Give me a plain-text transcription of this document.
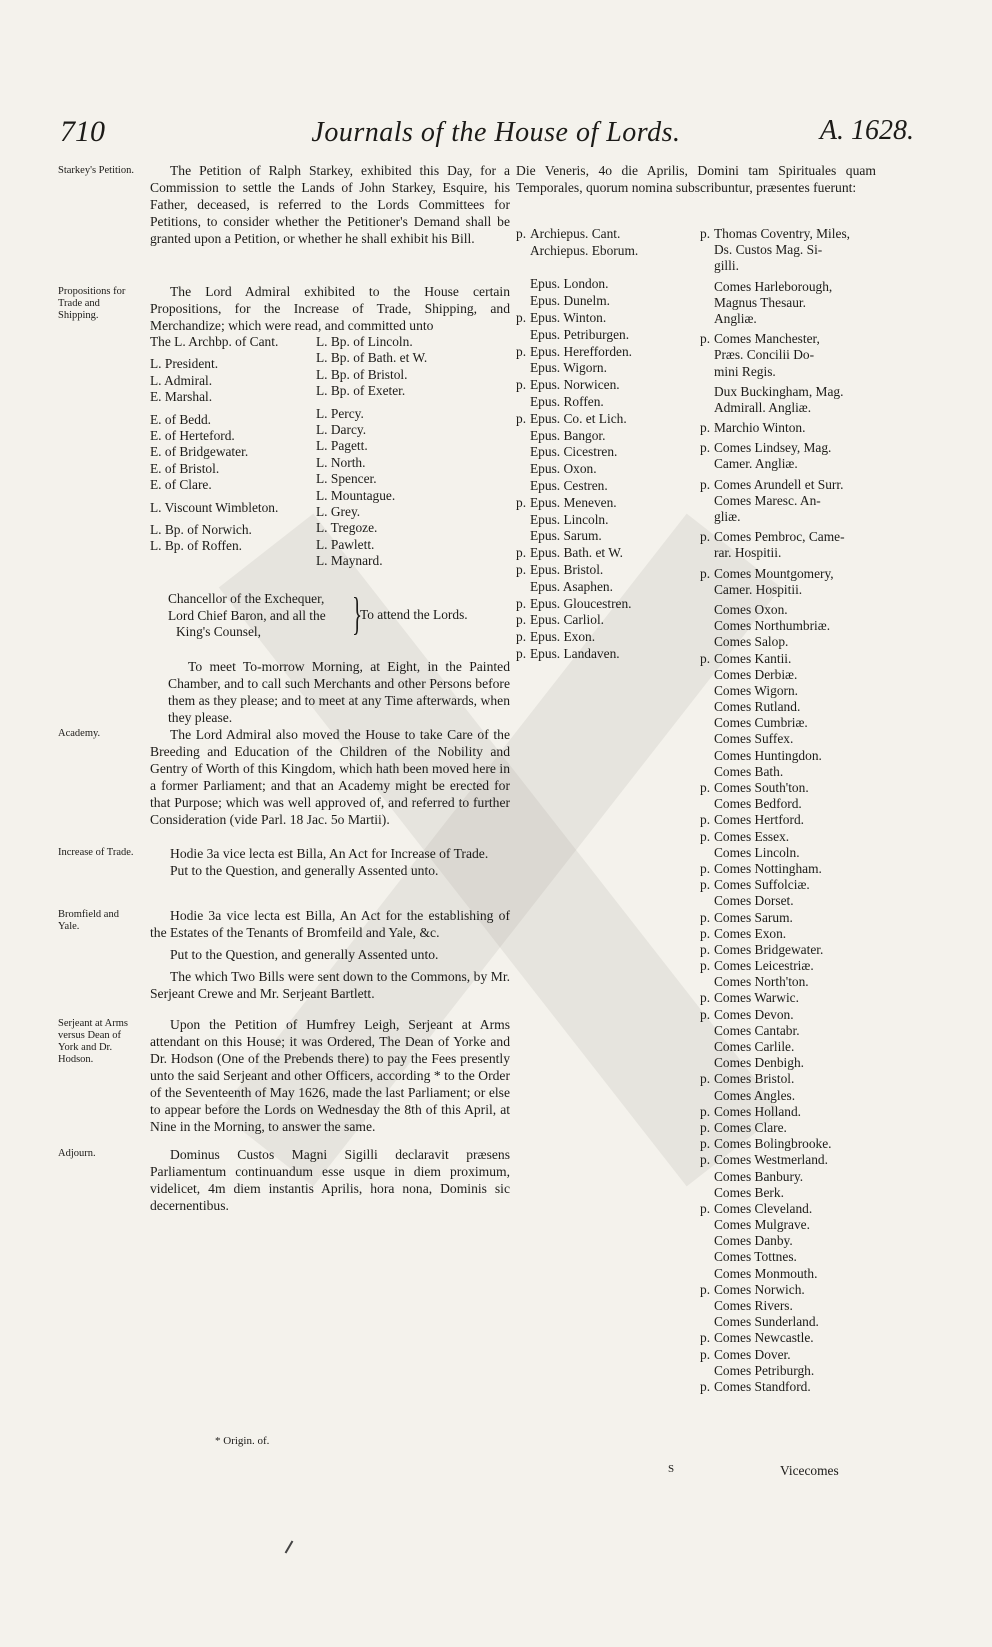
710	Journals of the House of Lords.	A. 1628.
Starkey's Petition.
Propositions for Trade and Shipping.
Academy.
Increase of Trade.
Bromfield and Yale.
Serjeant at Arms versus Dean of York and Dr. Hodson.
Adjourn.

The Petition of Ralph Starkey, exhibited this Day, for a Commission to settle the Lands of John Starkey, Esquire, his Father, deceased, is referred to the Lords Committees for Petitions, to consider whether the Petitioner's Demand shall be granted upon a Petition, or whether he shall exhibit his Bill.

The Lord Admiral exhibited to the House certain Propositions, for the Increase of Trade, Shipping, and Merchandize; which were read, and committed unto

The L. Archbp. of Cant.
L. President.
L. Admiral.
E. Marshal.
E. of Bedd.
E. of Herteford.
E. of Bridgewater.
E. of Bristol.
E. of Clare.
L. Viscount Wimbleton.
L. Bp. of Norwich.
L. Bp. of Roffen.
L. Bp. of Lincoln.
L. Bp. of Bath. et W.
L. Bp. of Bristol.
L. Bp. of Exeter.
L. Percy.
L. Darcy.
L. Pagett.
L. North.
L. Spencer.
L. Mountague.
L. Grey.
L. Tregoze.
L. Pawlett.
L. Maynard.
Chancellor of the Exchequer,
Lord Chief Baron, and all the
King's Counsel,	}
To attend the Lords.

To meet To-morrow Morning, at Eight, in the Painted Chamber, and to call such Merchants and other Persons before them as they please; and to meet at any Time afterwards, when they please.

The Lord Admiral also moved the House to take Care of the Breeding and Education of the Children of the Nobility and Gentry of Worth of this Kingdom, which hath been moved here in a former Parliament; and that an Academy might be erected for that Purpose; which was well approved of, and referred to further Consideration (vide Parl. 18 Jac. 5o Martii).

Hodie 3a vice lecta est Billa, An Act for Increase of Trade.

Put to the Question, and generally Assented unto.

Hodie 3a vice lecta est Billa, An Act for the establishing of the Estates of the Tenants of Bromfeild and Yale, &c.

Put to the Question, and generally Assented unto.

The which Two Bills were sent down to the Commons, by Mr. Serjeant Crewe and Mr. Serjeant Bartlett.

Upon the Petition of Humfrey Leigh, Serjeant at Arms attendant on this House; it was Ordered, The Dean of Yorke and Dr. Hodson (One of the Prebends there) to pay the Fees presently unto the said Serjeant and other Officers, according * to the Order of the Seventeenth of May 1626, made the last Parliament; or else to appear before the Lords on Wednesday the 8th of this April, at Nine in the Morning, to answer the same.

Dominus Custos Magni Sigilli declaravit præsens Parliamentum continuandum esse usque in diem proximum, videlicet, 4m diem instantis Aprilis, hora nona, Dominis sic decernentibus.

* Origin. of.
Die Veneris, 4o die Aprilis, Domini tam Spirituales quam Temporales, quorum nomina subscribuntur, præsentes fuerunt:
p. Archiepus. Cant.
Archiepus. Eborum.
Epus. London.
Epus. Dunelm.
p. Epus. Winton.
Epus. Petriburgen.
p. Epus. Herefforden.
Epus. Wigorn.
p. Epus. Norwicen.
Epus. Roffen.
p. Epus. Co. et Lich.
Epus. Bangor.
Epus. Cicestren.
Epus. Oxon.
Epus. Cestren.
p. Epus. Meneven.
Epus. Lincoln.
Epus. Sarum.
p. Epus. Bath. et W.
p. Epus. Bristol.
Epus. Asaphen.
p. Epus. Gloucestren.
p. Epus. Carliol.
p. Epus. Exon.
p. Epus. Landaven.
p. Thomas Coventry, Miles,
Ds. Custos Mag. Si-
gilli.
Comes Harleborough,
Magnus Thesaur.
Angliæ.
p. Comes Manchester,
Præs. Concilii Do-
mini Regis.
Dux Buckingham, Mag.
Admirall. Angliæ.
p. Marchio Winton.
p. Comes Lindsey, Mag.
Camer. Angliæ.
p. Comes Arundell et Surr.
Comes Maresc. An-
gliæ.
p. Comes Pembroc, Came-
rar. Hospitii.
p. Comes Mountgomery,
Camer. Hospitii.
Comes Oxon.
Comes Northumbriæ.
Comes Salop.
p. Comes Kantii.
Comes Derbiæ.
Comes Wigorn.
Comes Rutland.
Comes Cumbriæ.
Comes Suffex.
Comes Huntingdon.
Comes Bath.
p. Comes South'ton.
Comes Bedford.
p. Comes Hertford.
p. Comes Essex.
Comes Lincoln.
p. Comes Nottingham.
p. Comes Suffolciæ.
Comes Dorset.
p. Comes Sarum.
p. Comes Exon.
p. Comes Bridgewater.
p. Comes Leicestriæ.
Comes North'ton.
p. Comes Warwic.
p. Comes Devon.
Comes Cantabr.
Comes Carlile.
Comes Denbigh.
p. Comes Bristol.
Comes Angles.
p. Comes Holland.
p. Comes Clare.
p. Comes Bolingbrooke.
p. Comes Westmerland.
Comes Banbury.
Comes Berk.
p. Comes Cleveland.
Comes Mulgrave.
Comes Danby.
Comes Tottnes.
Comes Monmouth.
p. Comes Norwich.
Comes Rivers.
Comes Sunderland.
p. Comes Newcastle.
p. Comes Dover.
Comes Petriburgh.
p. Comes Standford.
S	Vicecomes
